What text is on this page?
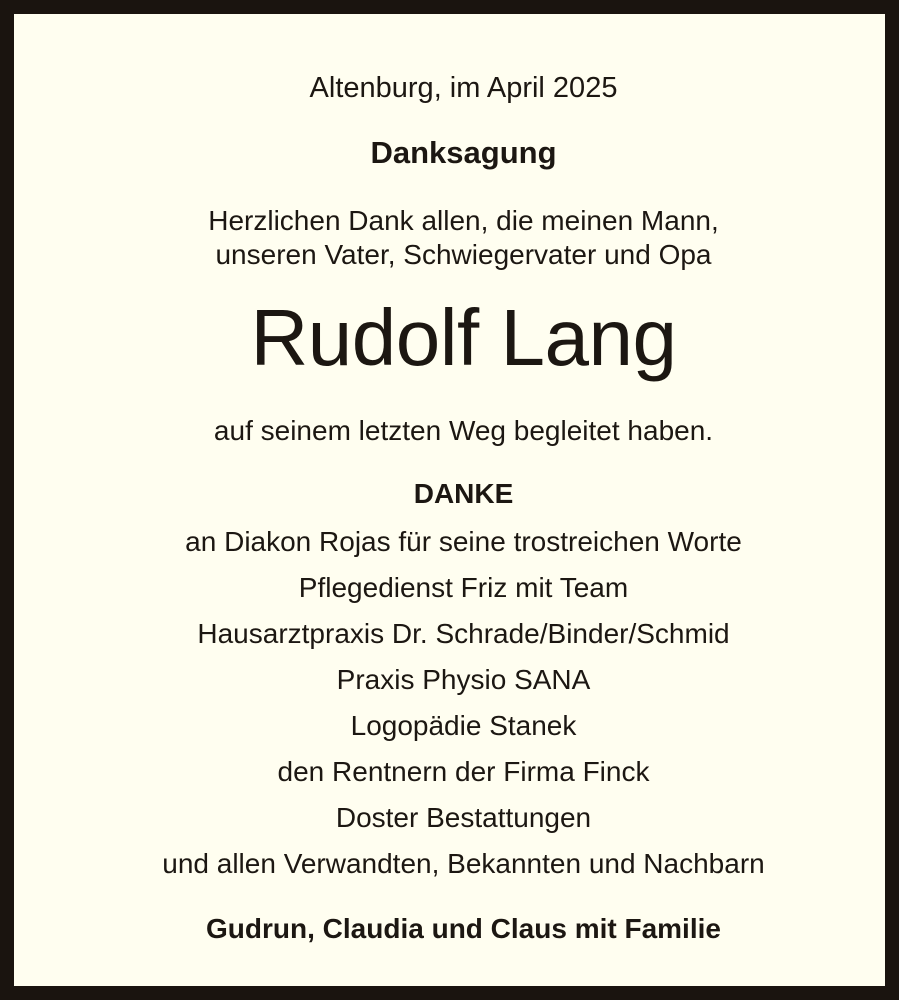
Altenburg, im April 2025
Danksagung
Herzlichen Dank allen, die meinen Mann,
unseren Vater, Schwiegervater und Opa
Rudolf Lang
auf seinem letzten Weg begleitet haben.
DANKE
an Diakon Rojas für seine trostreichen Worte
Pflegedienst Friz mit Team
Hausarztpraxis Dr. Schrade/Binder/Schmid
Praxis Physio SANA
Logopädie Stanek
den Rentnern der Firma Finck
Doster Bestattungen
und allen Verwandten, Bekannten und Nachbarn
Gudrun, Claudia und Claus mit Familie
